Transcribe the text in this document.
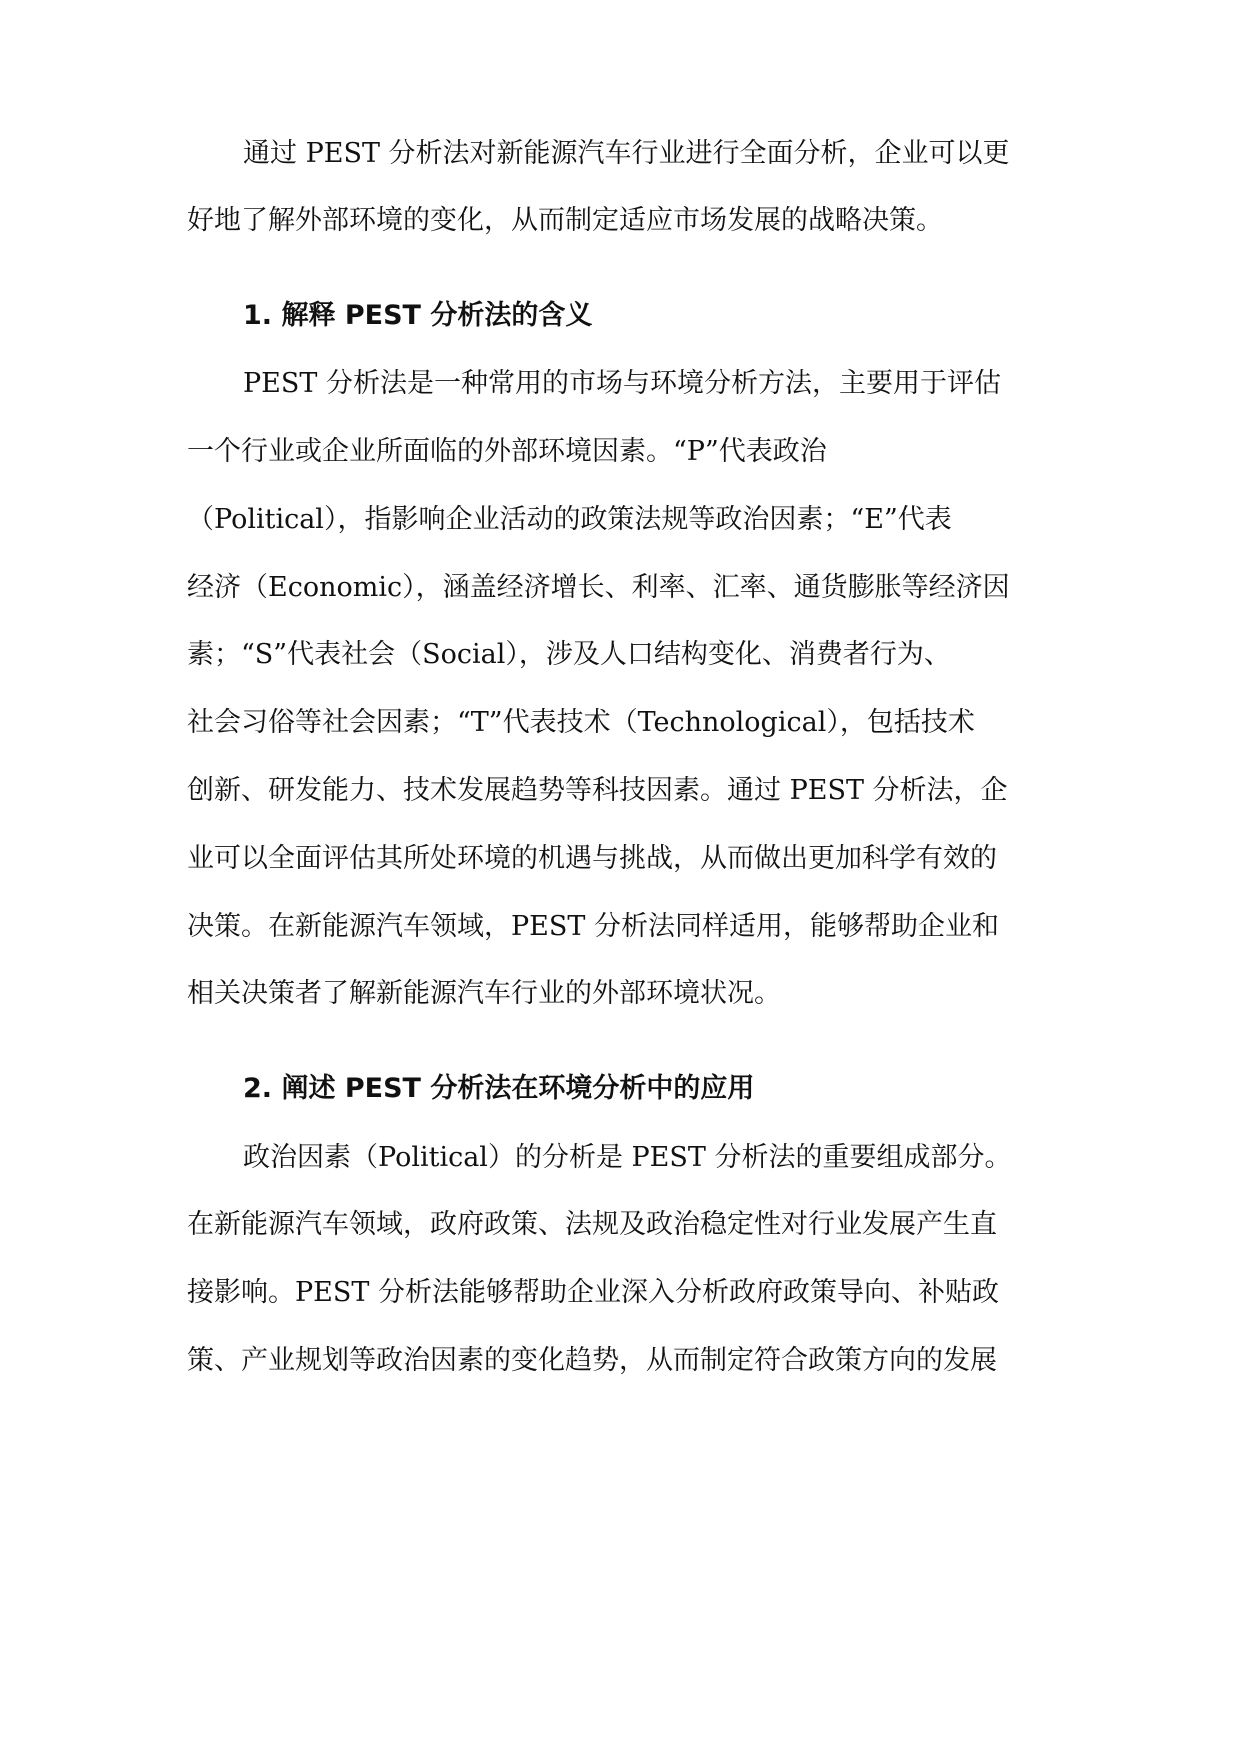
通过 PEST 分析法对新能源汽车行业进行全面分析，企业可以更
好地了解外部环境的变化，从而制定适应市场发展的战略决策。
1. 解释 PEST 分析法的含义
PEST 分析法是一种常用的市场与环境分析方法，主要用于评估
一个行业或企业所面临的外部环境因素。“P”代表政治
（Political），指影响企业活动的政策法规等政治因素；“E”代表
经济（Economic），涵盖经济增长、利率、汇率、通货膨胀等经济因
素；“S”代表社会（Social），涉及人口结构变化、消费者行为、
社会习俗等社会因素；“T”代表技术（Technological），包括技术
创新、研发能力、技术发展趋势等科技因素。通过 PEST 分析法，企
业可以全面评估其所处环境的机遇与挑战，从而做出更加科学有效的
决策。在新能源汽车领域，PEST 分析法同样适用，能够帮助企业和
相关决策者了解新能源汽车行业的外部环境状况。
2. 阐述 PEST 分析法在环境分析中的应用
政治因素（Political）的分析是 PEST 分析法的重要组成部分。
在新能源汽车领域，政府政策、法规及政治稳定性对行业发展产生直
接影响。PEST 分析法能够帮助企业深入分析政府政策导向、补贴政
策、产业规划等政治因素的变化趋势，从而制定符合政策方向的发展
